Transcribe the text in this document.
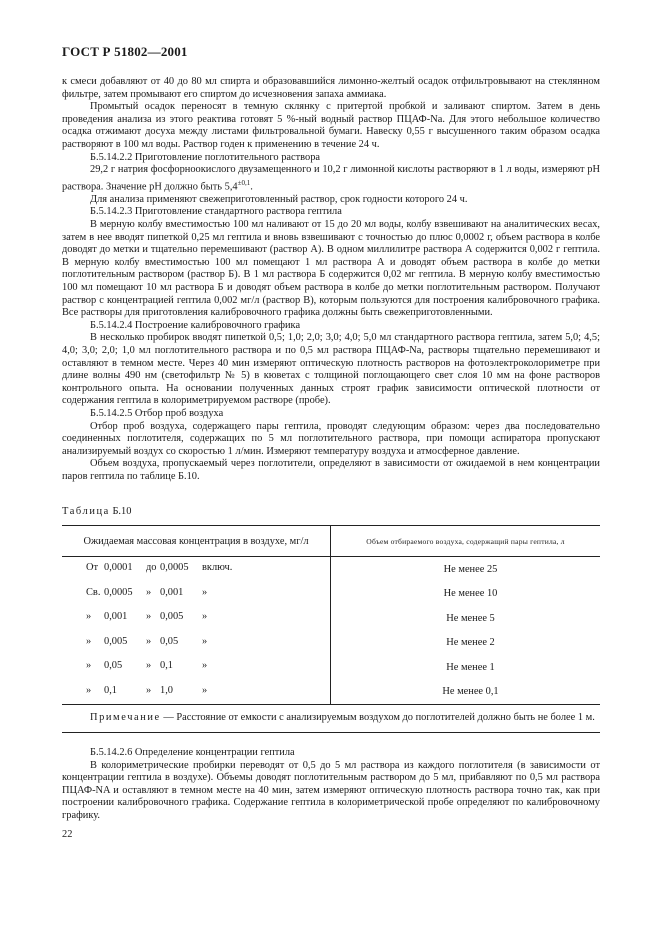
ГОСТ Р 51802—2001

к смеси добавляют от 40 до 80 мл спирта и образовавшийся лимонно-желтый осадок отфильтровывают на стеклянном фильтре, затем промывают его спиртом до исчезновения запаха аммиака.

Промытый осадок переносят в темную склянку с притертой пробкой и заливают спиртом. Затем в день проведения анализа из этого реактива готовят 5 %-ный водный раствор ПЦАФ-Na. Для этого небольшое количество осадка отжимают досуха между листами фильтровальной бумаги. Навеску 0,55 г высушенного таким образом осадка растворяют в 100 мл воды. Раствор годен к применению в течение 24 ч.

Б.5.14.2.2 Приготовление поглотительного раствора

29,2 г натрия фосфорноокислого двузамещенного и 10,2 г лимонной кислоты растворяют в 1 л воды, измеряют рН раствора. Значение рН должно быть $5,4^{\pm 0,1}$.

Для анализа применяют свежеприготовленный раствор, срок годности которого 24 ч.

Б.5.14.2.3 Приготовление стандартного раствора гептила

В мерную колбу вместимостью 100 мл наливают от 15 до 20 мл воды, колбу взвешивают на аналитических весах, затем в нее вводят пипеткой 0,25 мл гептила и вновь взвешивают с точностью до плюс 0,0002 г, объем раствора в колбе доводят до метки и тщательно перемешивают (раствор А). В одном миллилитре раствора А содержится 0,002 г гептила. В мерную колбу вместимостью 100 мл помещают 1 мл раствора А и доводят объем раствора в колбе до метки поглотительным раствором (раствор Б). В 1 мл раствора Б содержится 0,02 мг гептила. В мерную колбу вместимостью 100 мл помещают 10 мл раствора Б и доводят объем раствора в колбе до метки поглотительным раствором. Получают раствор с концентрацией гептила 0,002 мг/л (раствор В), которым пользуются для построения калибровочного графика. Все растворы для приготовления калибровочного графика должны быть свежеприготовленными.

Б.5.14.2.4 Построение калибровочного графика

В несколько пробирок вводят пипеткой 0,5; 1,0; 2,0; 3,0; 4,0; 5,0 мл стандартного раствора гептила, затем 5,0; 4,5; 4,0; 3,0; 2,0; 1,0 мл поглотительного раствора и по 0,5 мл раствора ПЦАФ-Na, растворы тщательно перемешивают и оставляют в темном месте. Через 40 мин измеряют оптическую плотность растворов на фотоэлектроколориметре при длине волны 490 нм (светофильтр № 5) в кюветах с толщиной поглощающего свет слоя 10 мм на фоне растворов контрольного опыта. На основании полученных данных строят график зависимости оптической плотности от содержания гептила в колориметрируемом растворе (пробе).

Б.5.14.2.5 Отбор проб воздуха

Отбор проб воздуха, содержащего пары гептила, проводят следующим образом: через два последовательно соединенных поглотителя, содержащих по 5 мл поглотительного раствора, при помощи аспиратора пропускают анализируемый воздух со скоростью 1 л/мин. Измеряют температуру воздуха и атмосферное давление.

Объем воздуха, пропускаемый через поглотители, определяют в зависимости от ожидаемой в нем концентрации паров гептила по таблице Б.10.

Таблица Б.10
Ожидаемая массовая концентрация в воздухе, мг/л	Объем отбираемого воздуха, содержащий пары гептила, л

От 0,0001 до 0,0005 включ.	Не менее 25

Св. 0,0005 » 0,001 »	Не менее 10

» 0,001 » 0,005 »	Не менее 5

» 0,005 » 0,05 »	Не менее 2

» 0,05 » 0,1 »	Не менее 1

» 0,1 » 1,0 »	Не менее 0,1
Примечание — Расстояние от емкости с анализируемым воздухом до поглотителей должно быть не более 1 м.	

Б.5.14.2.6 Определение концентрации гептила

В колориметрические пробирки переводят от 0,5 до 5 мл раствора из каждого поглотителя (в зависимости от концентрации гептила в воздухе). Объемы доводят поглотительным раствором до 5 мл, прибавляют по 0,5 мл раствора ПЦАФ-NA и оставляют в темном месте на 40 мин, затем измеряют оптическую плотность раствора точно так, как при построении калибровочного графика. Содержание гептила в колориметрической пробе определяют по калибровочному графику.

22
